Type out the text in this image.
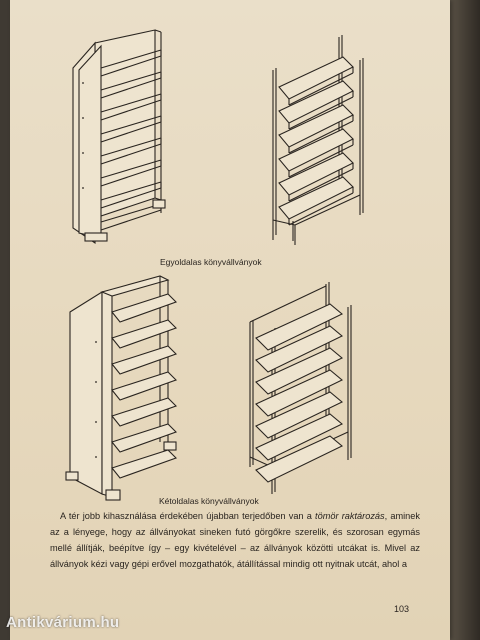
Egyoldalas könyvállványok
Kétoldalas könyvállványok

A tér jobb kihasználása érdekében újabban terjedőben van a tömör raktározás, aminek az a lényege, hogy az állványokat sineken futó görgőkre szerelik, és szorosan egymás mellé állítják, beépítve így – egy kivételével – az állványok közötti utcákat is. Mivel az állványok kézi vagy gépi erővel mozgathatók, átállítással mindig ott nyitnak utcát, ahol a

103
Antikvárium.hu
